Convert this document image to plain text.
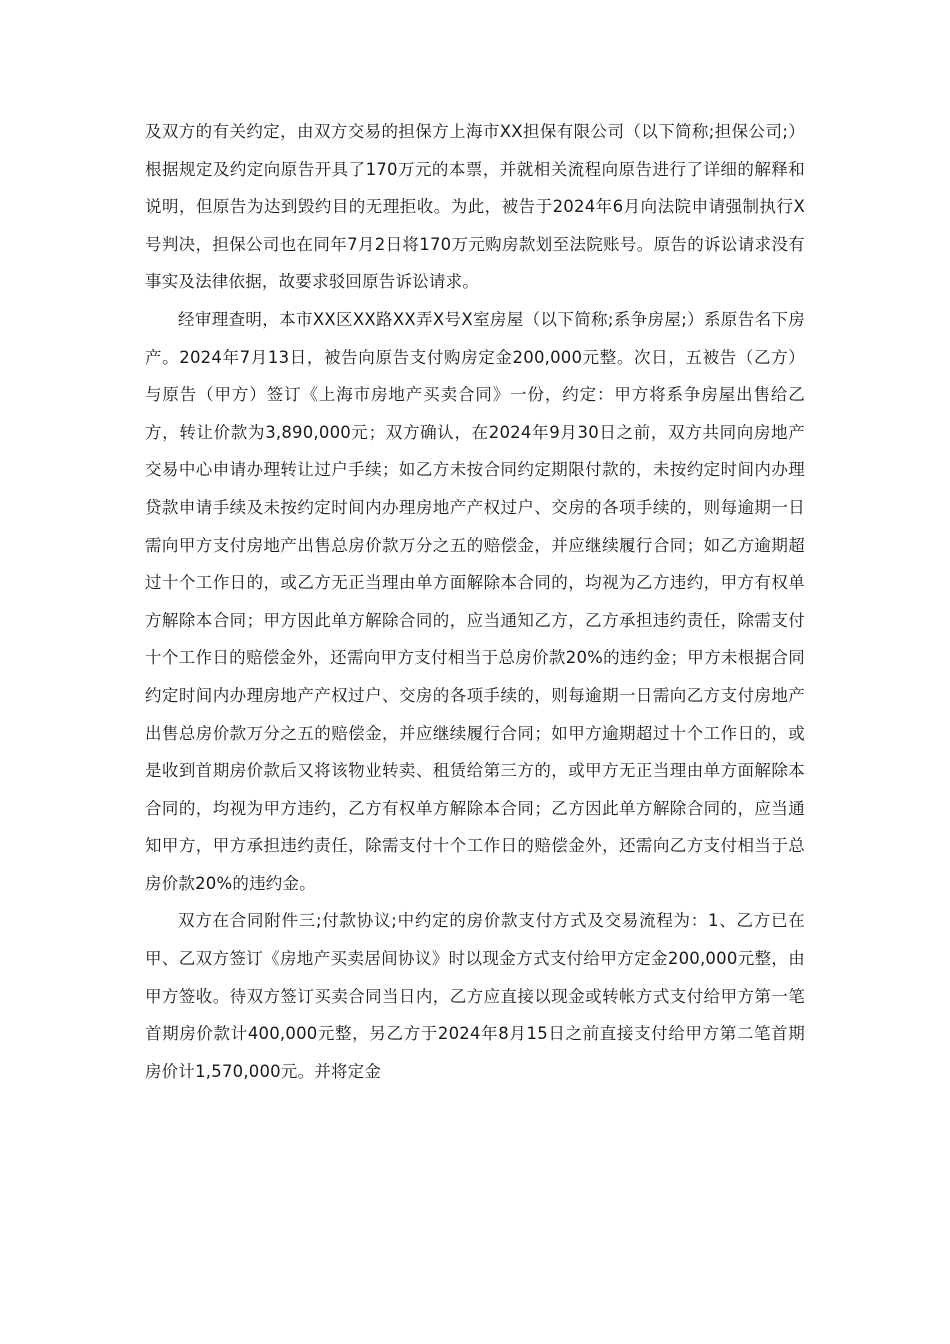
及双方的有关约定，由双方交易的担保方上海市XX担保有限公司（以下简称;担保公司;）根据规定及约定向原告开具了170万元的本票，并就相关流程向原告进行了详细的解释和说明，但原告为达到毁约目的无理拒收。为此，被告于2024年6月向法院申请强制执行X号判决，担保公司也在同年7月2日将170万元购房款划至法院账号。原告的诉讼请求没有事实及法律依据，故要求驳回原告诉讼请求。

经审理查明，本市XX区XX路XX弄X号X室房屋（以下简称;系争房屋;）系原告名下房产。2024年7月13日，被告向原告支付购房定金200,000元整。次日，五被告（乙方）与原告（甲方）签订《上海市房地产买卖合同》一份，约定：甲方将系争房屋出售给乙方，转让价款为3,890,000元；双方确认，在2024年9月30日之前，双方共同向房地产交易中心申请办理转让过户手续；如乙方未按合同约定期限付款的，未按约定时间内办理贷款申请手续及未按约定时间内办理房地产产权过户、交房的各项手续的，则每逾期一日需向甲方支付房地产出售总房价款万分之五的赔偿金，并应继续履行合同；如乙方逾期超过十个工作日的，或乙方无正当理由单方面解除本合同的，均视为乙方违约，甲方有权单方解除本合同；甲方因此单方解除合同的，应当通知乙方，乙方承担违约责任，除需支付十个工作日的赔偿金外，还需向甲方支付相当于总房价款20%的违约金；甲方未根据合同约定时间内办理房地产产权过户、交房的各项手续的，则每逾期一日需向乙方支付房地产出售总房价款万分之五的赔偿金，并应继续履行合同；如甲方逾期超过十个工作日的，或是收到首期房价款后又将该物业转卖、租赁给第三方的，或甲方无正当理由单方面解除本合同的，均视为甲方违约，乙方有权单方解除本合同；乙方因此单方解除合同的，应当通知甲方，甲方承担违约责任，除需支付十个工作日的赔偿金外，还需向乙方支付相当于总房价款20%的违约金。

双方在合同附件三;付款协议;中约定的房价款支付方式及交易流程为：1、乙方已在甲、乙双方签订《房地产买卖居间协议》时以现金方式支付给甲方定金200,000元整，由甲方签收。待双方签订买卖合同当日内，乙方应直接以现金或转帐方式支付给甲方第一笔首期房价款计400,000元整，另乙方于2024年8月15日之前直接支付给甲方第二笔首期房价计1,570,000元。并将定金
